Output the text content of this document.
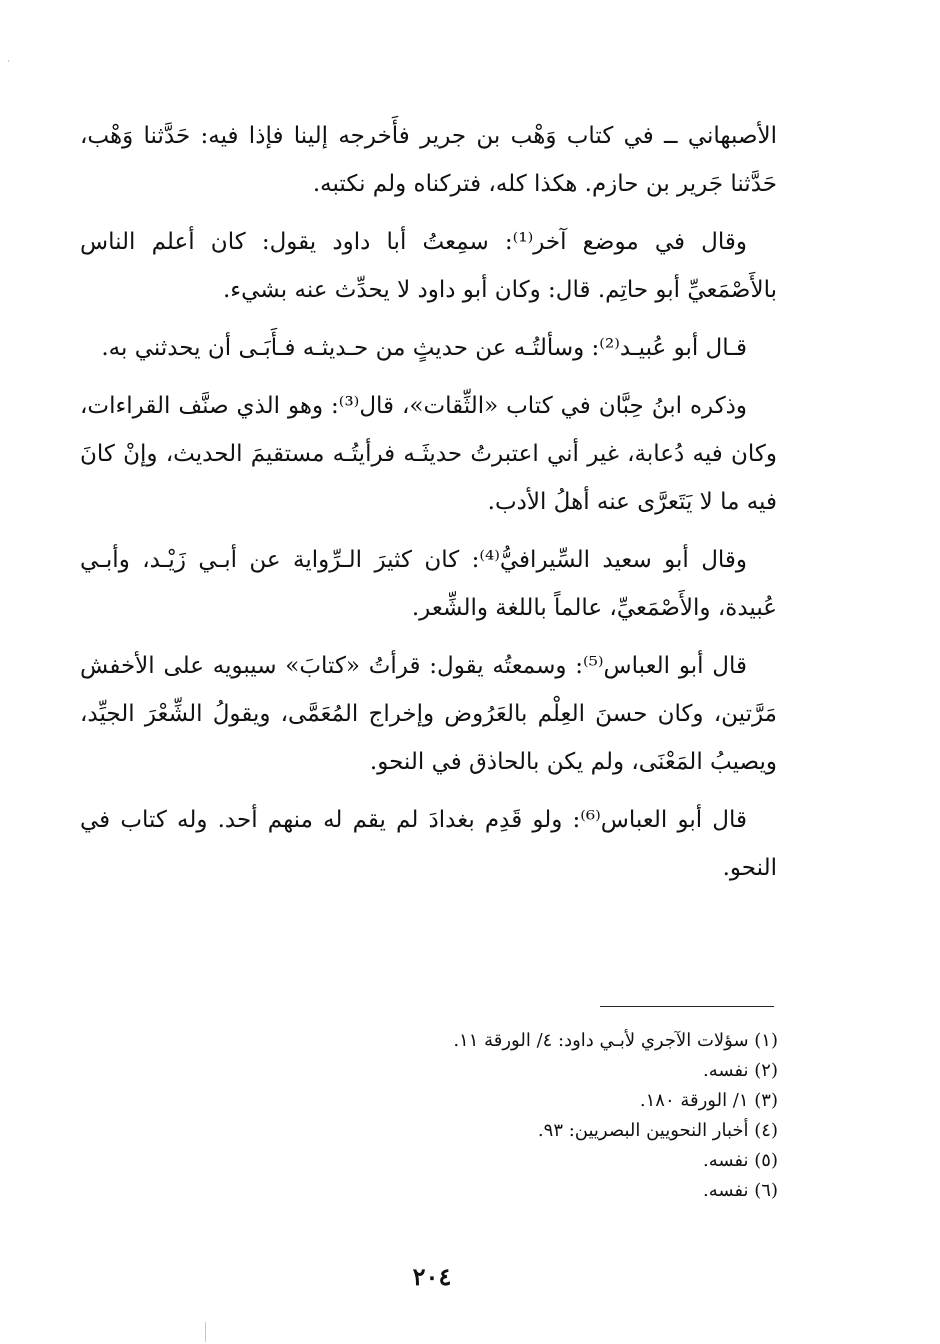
الأصبهاني ــ في كتاب وَهْب بن جرير فأَخرجه إلينا فإذا فيه: حَدَّثنا وَهْب، حَدَّثنا جَرير بن حازم. هكذا كله، فتركناه ولم نكتبه.

وقال في موضع آخر⁽¹⁾: سمِعتُ أبا داود يقول: كان أعلم الناس بالأَصْمَعيِّ أبو حاتِم. قال: وكان أبو داود لا يحدِّث عنه بشيء.

قـال أبو عُبيـد⁽²⁾: وسألتُـه عن حديثٍ من حـديثـه فـأَبَـى أن يحدثني به.

وذكره ابنُ حِبَّان في كتاب «الثِّقات»، قال⁽³⁾: وهو الذي صنَّف القراءات، وكان فيه دُعابة، غير أني اعتبرتُ حديثَـه فرأيتُـه مستقيمَ الحديث، وإنْ كانَ فيه ما لا يَتَعرَّى عنه أهلُ الأدب.

وقال أبو سعيد السِّيرافيُّ⁽⁴⁾: كان كثيرَ الـرِّواية عن أبـي زَيْـد، وأبـي عُبيدة، والأَصْمَعيِّ، عالماً باللغة والشِّعر.

قال أبو العباس⁽⁵⁾: وسمعتُه يقول: قرأتُ «كتابَ» سيبويه على الأخفش مَرَّتين، وكان حسنَ العِلْم بالعَرُوض وإخراج المُعَمَّى، ويقولُ الشِّعْرَ الجيِّد، ويصيبُ المَعْنَى، ولم يكن بالحاذق في النحو.

قال أبو العباس⁽⁶⁾: ولو قَدِم بغدادَ لم يقم له منهم أحد. وله كتاب في النحو.

(١) سؤلات الآجري لأبـي داود: ٤/ الورقة ١١.
(٢) نفسه.
(٣) ١/ الورقة ١٨٠.
(٤) أخبار النحويين البصريين: ٩٣.
(٥) نفسه.
(٦) نفسه.
٢٠٤
